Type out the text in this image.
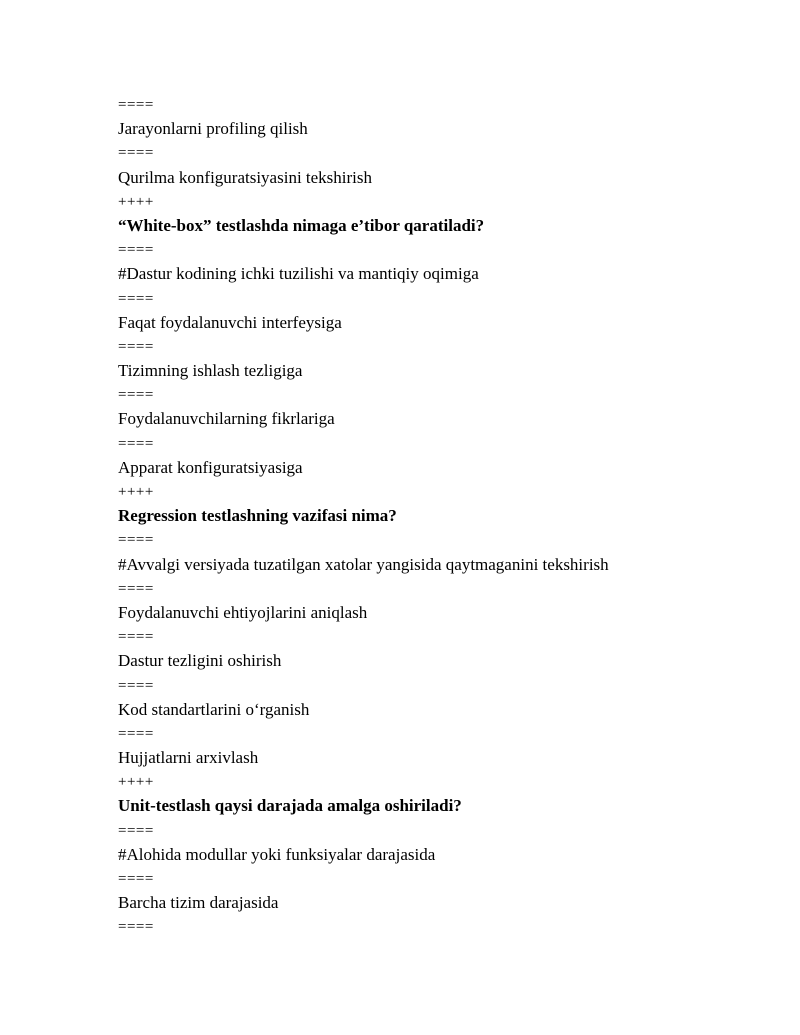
====
Jarayonlarni profiling qilish
====
Qurilma konfiguratsiyasini tekshirish
++++
“White-box” testlashda nimaga e’tibor qaratiladi?
====
#Dastur kodining ichki tuzilishi va mantiqiy oqimiga
====
Faqat foydalanuvchi interfeysiga
====
Tizimning ishlash tezligiga
====
Foydalanuvchilarning fikrlariga
====
Apparat konfiguratsiyasiga
++++
Regression testlashning vazifasi nima?
====
#Avvalgi versiyada tuzatilgan xatolar yangisida qaytmaganini tekshirish
====
Foydalanuvchi ehtiyojlarini aniqlash
====
Dastur tezligini oshirish
====
Kod standartlarini o‘rganish
====
Hujjatlarni arxivlash
++++
Unit-testlash qaysi darajada amalga oshiriladi?
====
#Alohida modullar yoki funksiyalar darajasida
====
Barcha tizim darajasida
====
